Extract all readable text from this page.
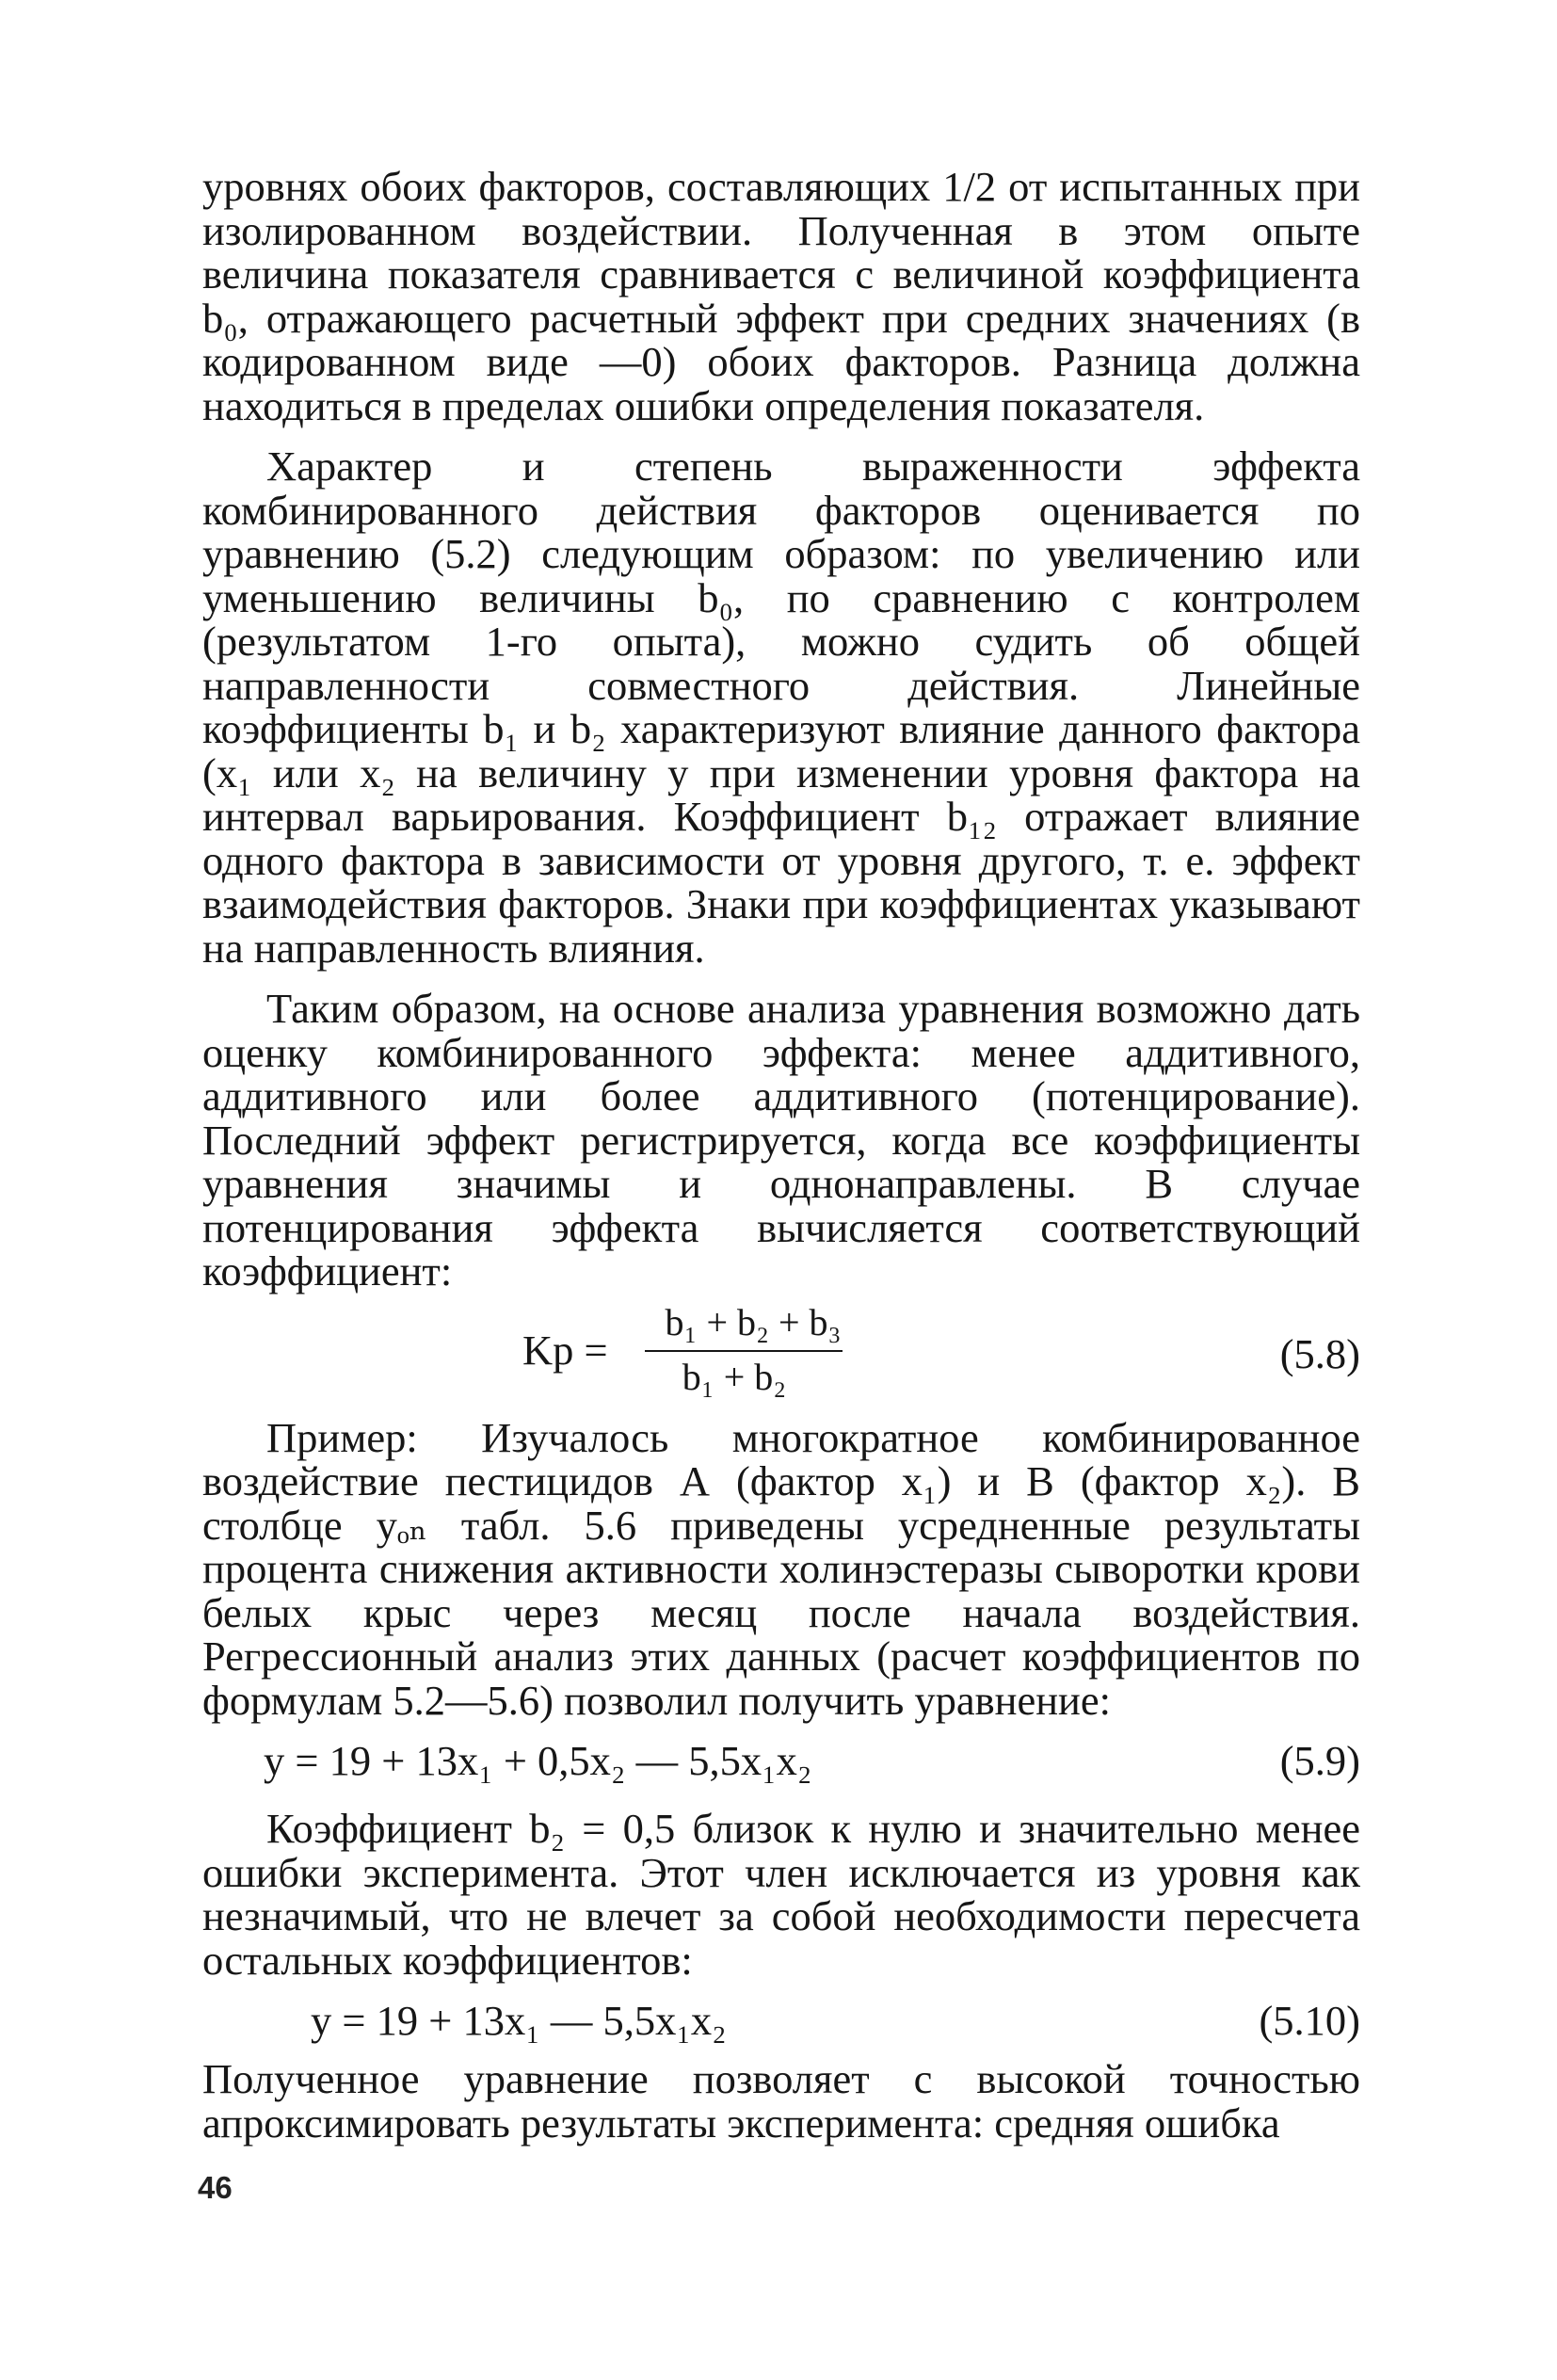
уровнях обоих факторов, составляющих 1/2 от испытанных при изолированном воздействии. Полученная в этом опыте величина показателя сравнивается с величиной коэффициента b₀, отражающего расчетный эффект при средних значениях (в кодированном виде —0) обоих факторов. Разница должна находиться в пределах ошибки определения показателя.

Характер и степень выраженности эффекта комбинированного действия факторов оценивается по уравнению (5.2) следующим образом: по увеличению или уменьшению величины b₀, по сравнению с контролем (результатом 1-го опыта), можно судить об общей направленности совместного действия. Линейные коэффициенты b₁ и b₂ характеризуют влияние данного фактора (x₁ или x₂ на величину y при изменении уровня фактора на интервал варьирования. Коэффициент b₁₂ отражает влияние одного фактора в зависимости от уровня другого, т. е. эффект взаимодействия факторов. Знаки при коэффициентах указывают на направленность влияния.

Таким образом, на основе анализа уравнения возможно дать оценку комбинированного эффекта: менее аддитивного, аддитивного или более аддитивного (потенцирование). Последний эффект регистрируется, когда все коэффициенты уравнения значимы и однонаправлены. В случае потенцирования эффекта вычисляется соответствующий коэффициент:

Kp =
b₁ + b₂ + b₃
b₁ + b₂	(5.8)

Пример: Изучалось многократное комбинированное воздействие пестицидов А (фактор x₁) и В (фактор x₂). В столбце yₒₙ табл. 5.6 приведены усредненные результаты процента снижения активности холинэстеразы сыворотки крови белых крыс через месяц после начала воздействия. Регрессионный анализ этих данных (расчет коэффициентов по формулам 5.2—5.6) позволил получить уравнение:

y = 19 + 13x₁ + 0,5x₂ — 5,5x₁x₂	(5.9)

Коэффициент b₂ = 0,5 близок к нулю и значительно менее ошибки эксперимента. Этот член исключается из уровня как незначимый, что не влечет за собой необходимости пересчета остальных коэффициентов:

y = 19 + 13x₁ — 5,5x₁x₂	(5.10)

Полученное уравнение позволяет с высокой точностью апроксимировать результаты эксперимента: средняя ошибка

46
